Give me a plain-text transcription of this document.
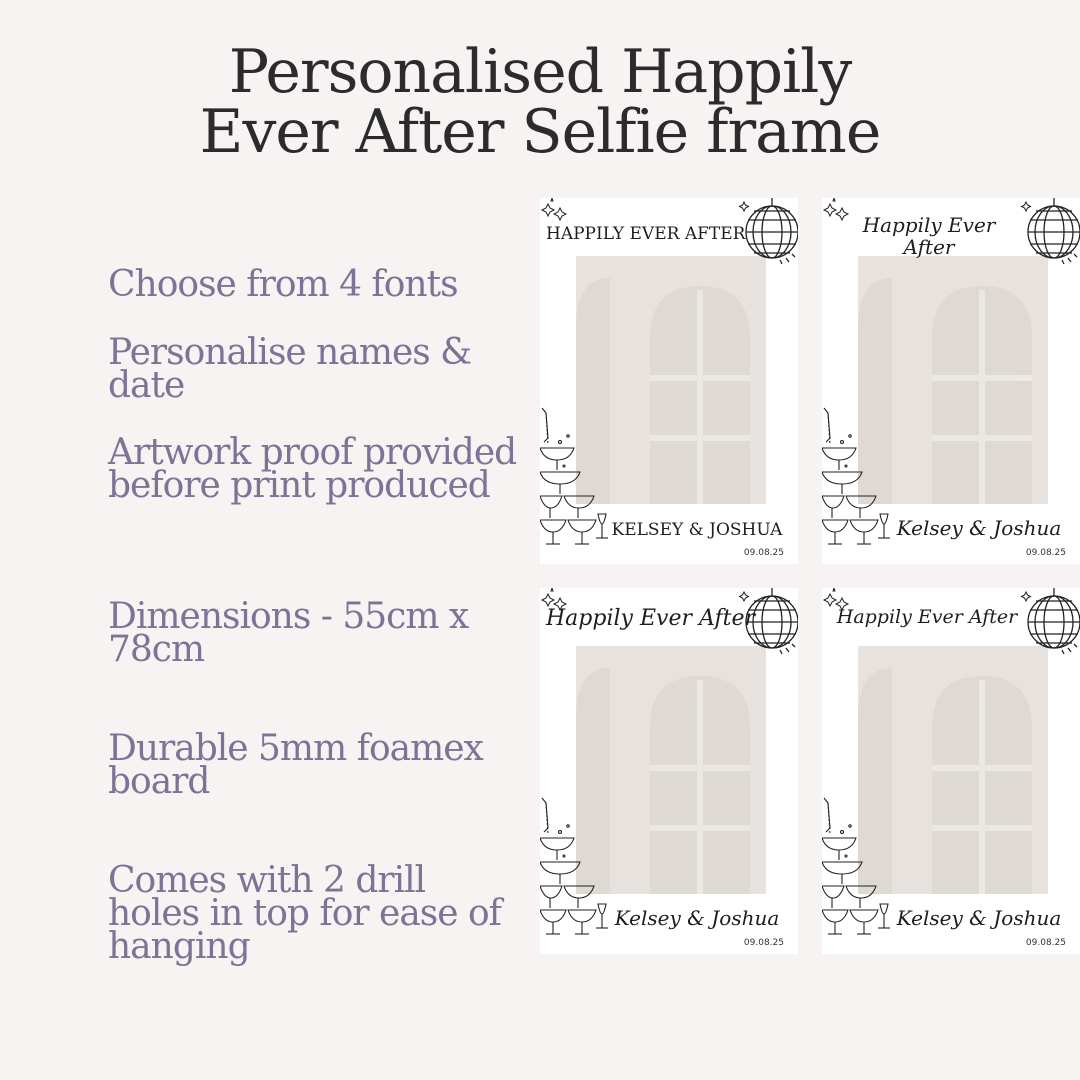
Personalised Happily
Ever After Selfie frame
Choose from 4 fonts
Personalise names & date
Artwork proof provided before print produced
Dimensions - 55cm x 78cm
Durable 5mm foamex board
Comes with 2 drill holes in top for ease of hanging
HAPPILY EVER AFTER
KELSEY & JOSHUA
09.08.25
Happily Ever After
Kelsey & Joshua
09.08.25
Happily Ever After
Kelsey & Joshua
09.08.25
Happily Ever After
Kelsey & Joshua
09.08.25
